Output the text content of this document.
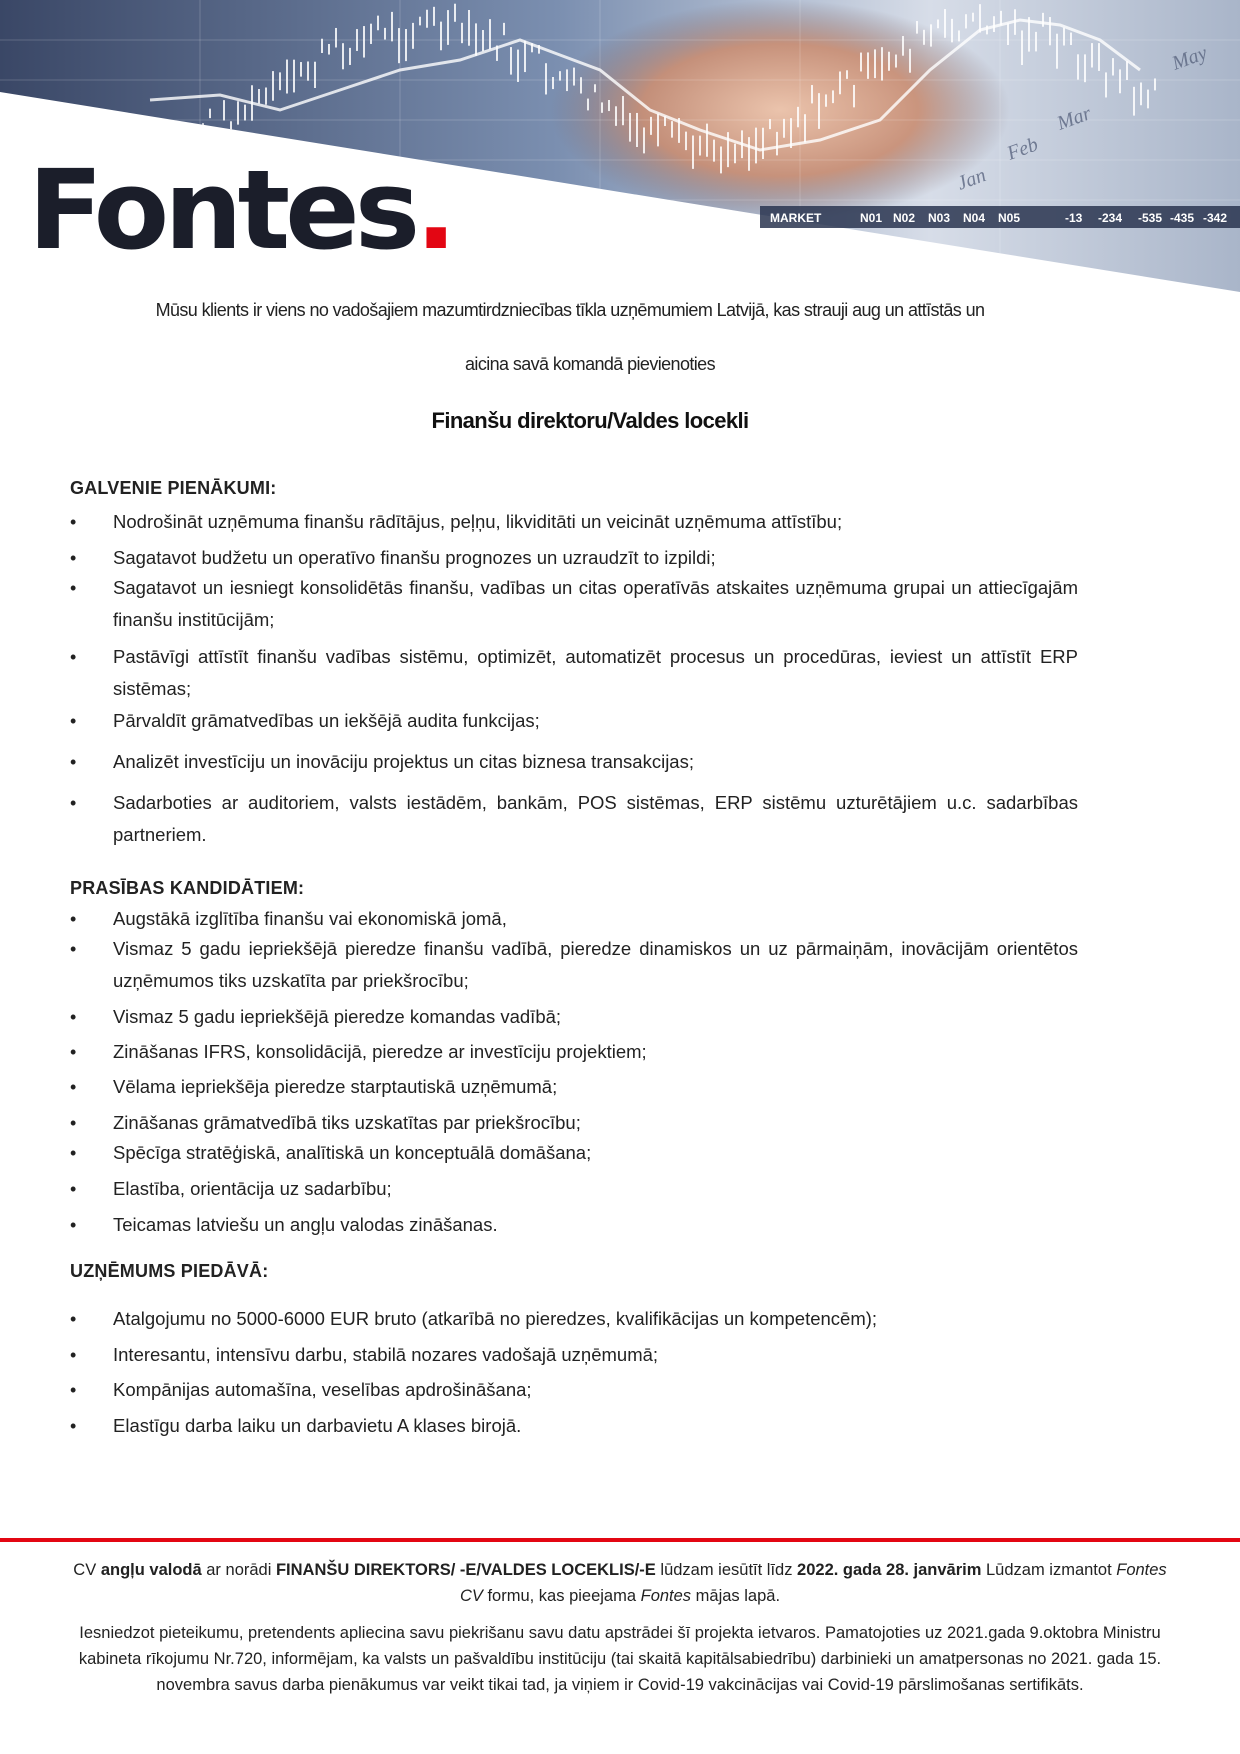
MARKET	N01 N02 N03 N04 N05	-13 -234 -535 -435 -342
Jan
Feb
Mar
May
Fontes.
Mūsu klients ir viens no vadošajiem mazumtirdzniecības tīkla uzņēmumiem Latvijā, kas strauji aug un attīstās un
aicina savā komandā pievienoties
Finanšu direktoru/Valdes locekli
GALVENIE PIENĀKUMI:
• Nodrošināt uzņēmuma finanšu rādītājus, peļņu, likviditāti un veicināt uzņēmuma attīstību;
• Sagatavot budžetu un operatīvo finanšu prognozes un uzraudzīt to izpildi;
• Sagatavot un iesniegt konsolidētās finanšu, vadības un citas operatīvās atskaites uzņēmuma grupai un attiecīgajām finanšu institūcijām;
• Pastāvīgi attīstīt finanšu vadības sistēmu, optimizēt, automatizēt procesus un procedūras, ieviest un attīstīt ERP sistēmas;
• Pārvaldīt grāmatvedības un iekšējā audita funkcijas;
• Analizēt investīciju un inovāciju projektus un citas biznesa transakcijas;
• Sadarboties ar auditoriem, valsts iestādēm, bankām, POS sistēmas, ERP sistēmu uzturētājiem u.c. sadarbības partneriem.
PRASĪBAS KANDIDĀTIEM:
• Augstākā izglītība finanšu vai ekonomiskā jomā,
• Vismaz 5 gadu iepriekšējā pieredze finanšu vadībā, pieredze dinamiskos un uz pārmaiņām, inovācijām orientētos uzņēmumos tiks uzskatīta par priekšrocību;
• Vismaz 5 gadu iepriekšējā pieredze komandas vadībā;
• Zināšanas IFRS, konsolidācijā, pieredze ar investīciju projektiem;
• Vēlama iepriekšēja pieredze starptautiskā uzņēmumā;
• Zināšanas grāmatvedībā tiks uzskatītas par priekšrocību;
• Spēcīga stratēģiskā, analītiskā un konceptuālā domāšana;
• Elastība, orientācija uz sadarbību;
• Teicamas latviešu un angļu valodas zināšanas.
UZŅĒMUMS PIEDĀVĀ:
• Atalgojumu no 5000-6000 EUR bruto (atkarībā no pieredzes, kvalifikācijas un kompetencēm);
• Interesantu, intensīvu darbu, stabilā nozares vadošajā uzņēmumā;
• Kompānijas automašīna, veselības apdrošināšana;
• Elastīgu darba laiku un darbavietu A klases birojā.
CV angļu valodā ar norādi FINANŠU DIREKTORS/ -E/VALDES LOCEKLIS/-E lūdzam iesūtīt līdz 2022. gada 28. janvārim Lūdzam izmantot Fontes CV formu, kas pieejama Fontes mājas lapā.
Iesniedzot pieteikumu, pretendents apliecina savu piekrišanu savu datu apstrādei šī projekta ietvaros. Pamatojoties uz 2021.gada 9.oktobra Ministru kabineta rīkojumu Nr.720, informējam, ka valsts un pašvaldību institūciju (tai skaitā kapitālsabiedrību) darbinieki un amatpersonas no 2021. gada 15. novembra savus darba pienākumus var veikt tikai tad, ja viņiem ir Covid-19 vakcinācijas vai Covid-19 pārslimošanas sertifikāts.
